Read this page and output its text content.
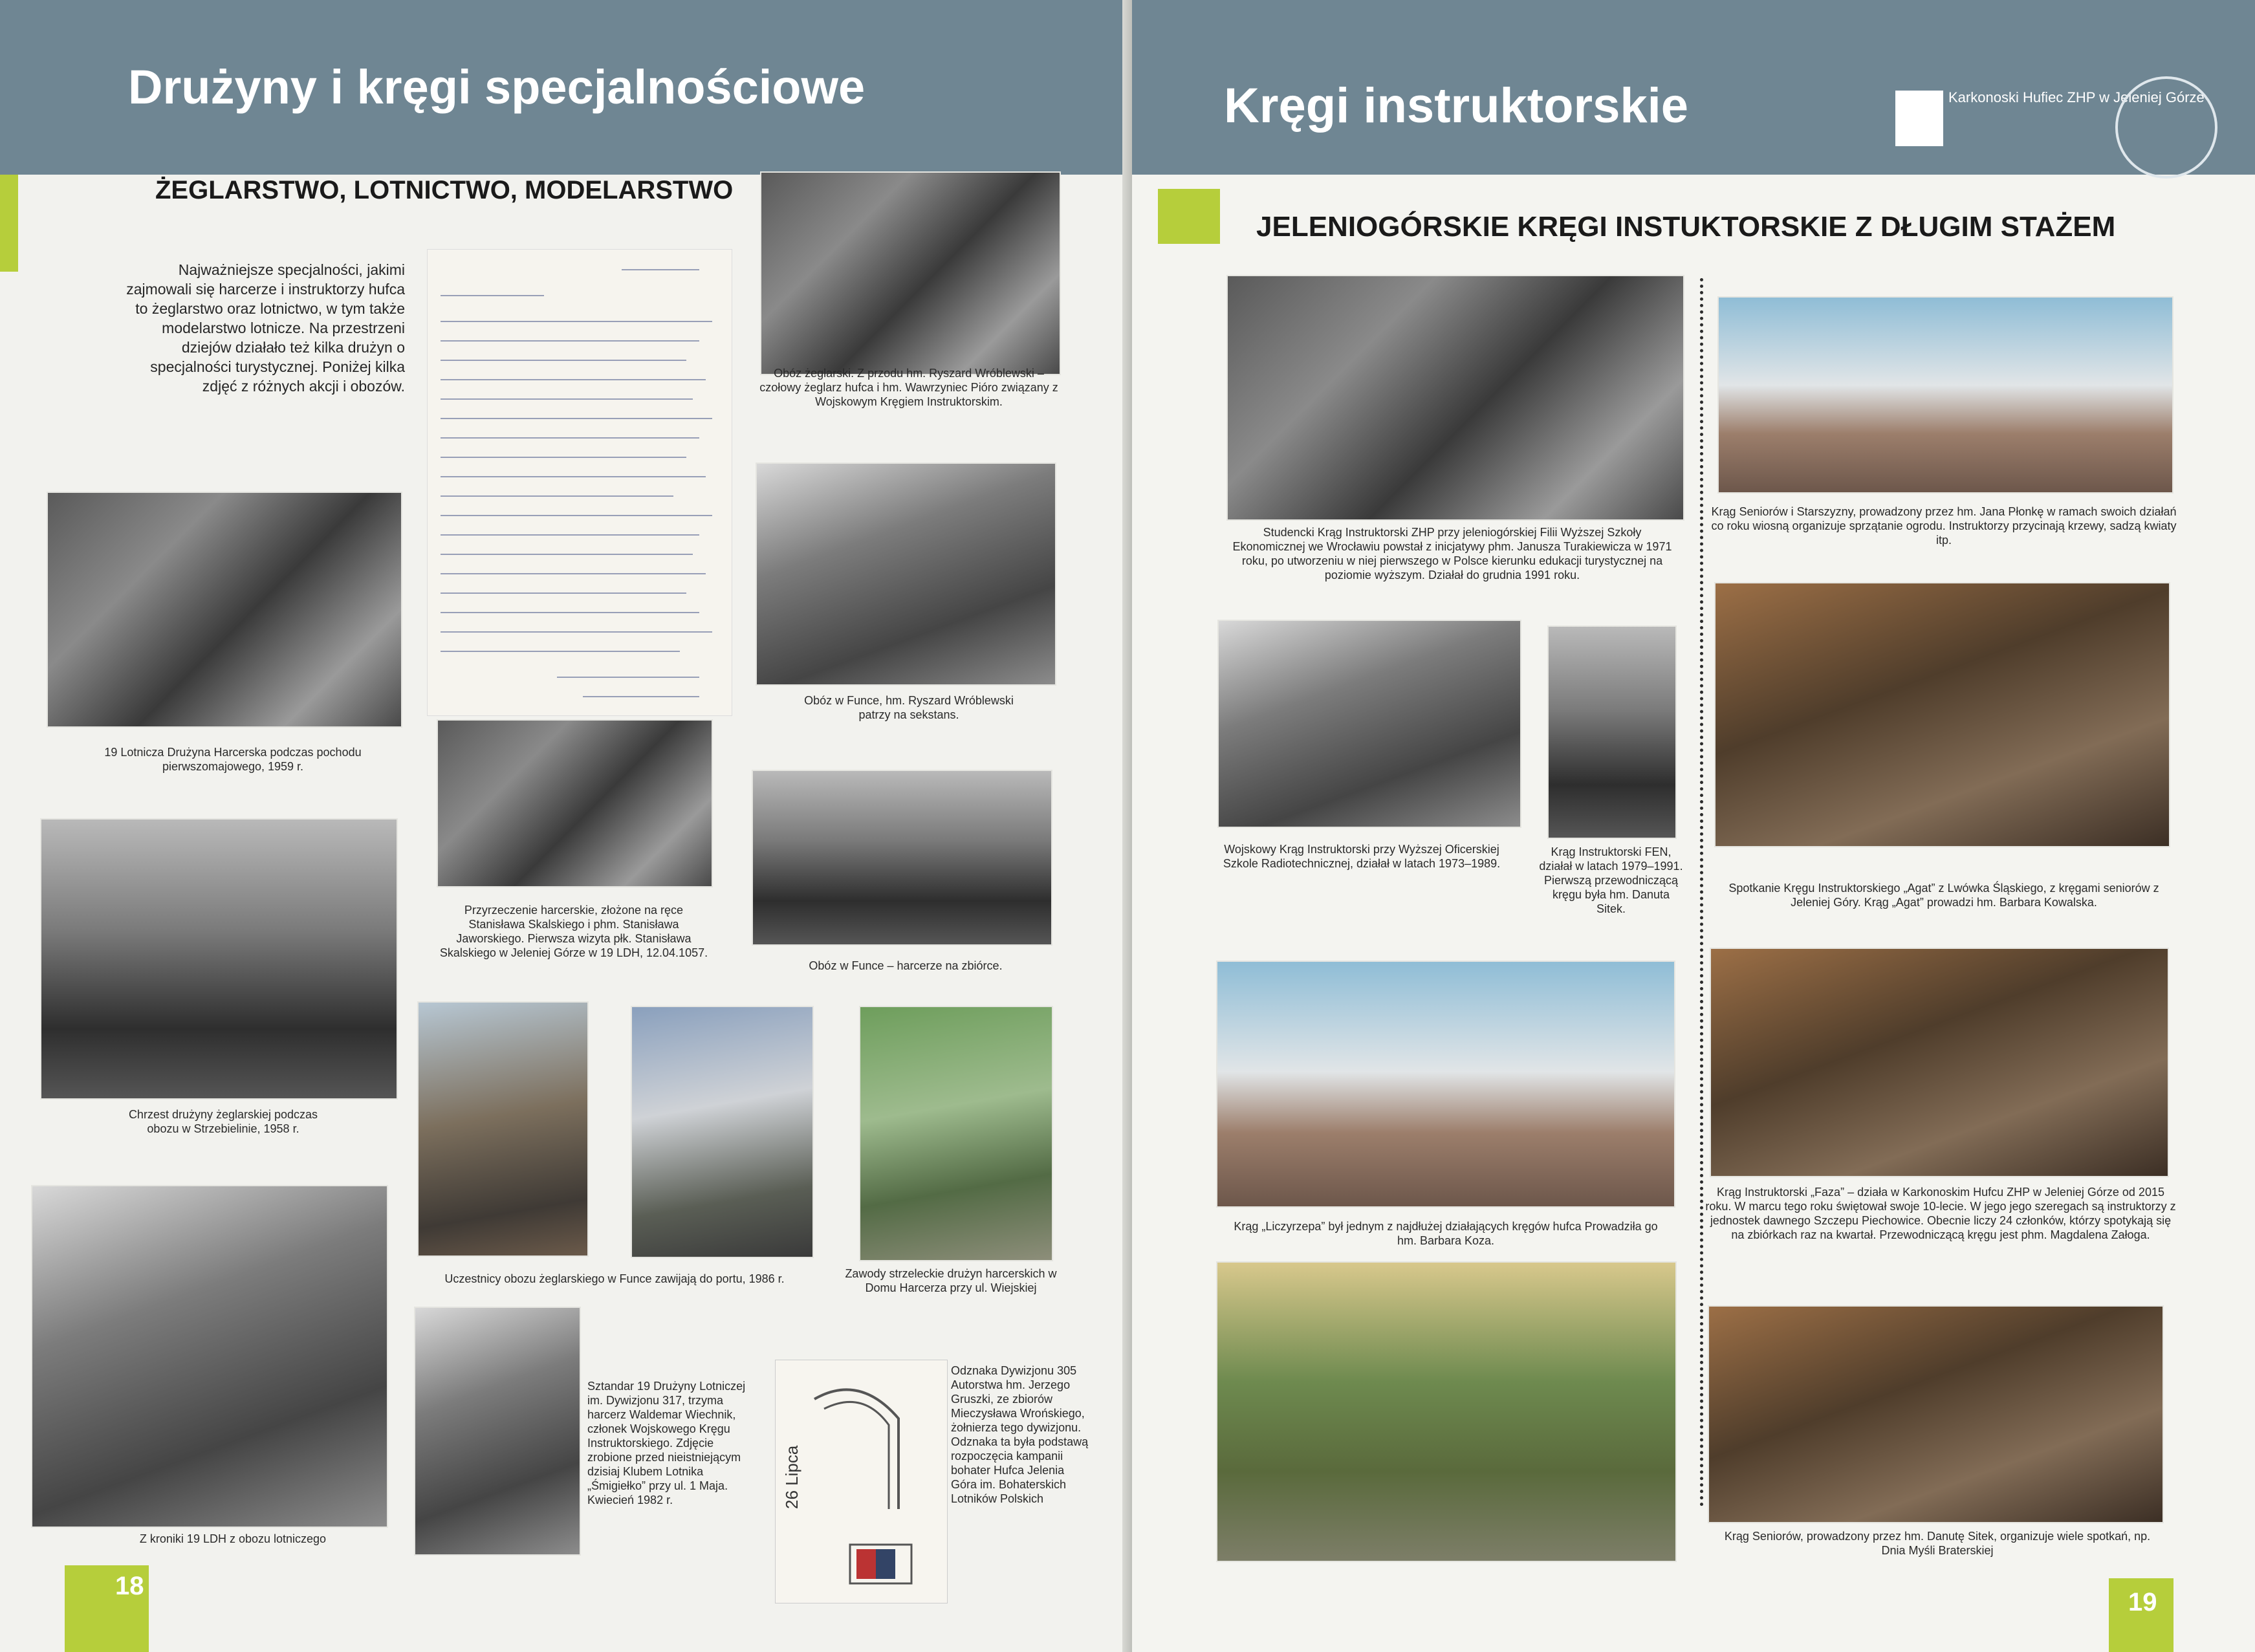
Drużyny i kręgi specjalnościowe
ŻEGLARSTWO, LOTNICTWO, MODELARSTWO
Najważniejsze specjalności, jakimi zajmowali się harcerze i instruktorzy hufca to żeglarstwo oraz lotnictwo, w tym także modelarstwo lotnicze. Na przestrzeni dziejów działało też kilka drużyn o specjalności turystycznej. Poniżej kilka zdjęć z różnych akcji i obozów.
19 Lotnicza Drużyna Harcerska podczas pochodu pierwszomajowego, 1959 r.
Chrzest drużyny żeglarskiej podczas obozu w Strzebielinie, 1958 r.
Z kroniki 19 LDH z obozu lotniczego
Obóz żeglarski. Z przodu hm. Ryszard Wróblewski – czołowy żeglarz hufca i hm. Wawrzyniec Pióro związany z Wojskowym Kręgiem Instruktorskim.
Obóz w Funce, hm. Ryszard Wróblewski patrzy na sekstans.
Przyrzeczenie harcerskie, złożone na ręce Stanisława Skalskiego i phm. Stanisława Jaworskiego. Pierwsza wizyta płk. Stanisława Skalskiego w Jeleniej Górze w 19 LDH, 12.04.1057.
Obóz w Funce – harcerze na zbiórce.
Uczestnicy obozu żeglarskiego w Funce zawijają do portu, 1986 r.	Zawody strzeleckie drużyn harcerskich w Domu Harcerza przy ul. Wiejskiej
Sztandar 19 Drużyny Lotniczej im. Dywizjonu 317, trzyma harcerz Waldemar Wiechnik, członek Wojskowego Kręgu Instruktorskiego. Zdjęcie zrobione przed nieistniejącym dzisiaj Klubem Lotnika „Śmigiełko” przy ul. 1 Maja. Kwiecień 1982 r.	26 Lipca
Odznaka Dywizjonu 305 Autorstwa hm. Jerzego Gruszki, ze zbiorów Mieczysława Wrońskiego, żołnierza tego dywizjonu. Odznaka ta była podstawą rozpoczęcia kampanii bohater Hufca Jelenia Góra im. Bohaterskich Lotników Polskich
18
Kręgi instruktorskie	Karkonoski Hufiec ZHP w Jeleniej Górze
JELENIOGÓRSKIE KRĘGI INSTUKTORSKIE Z DŁUGIM STAŻEM
Studencki Krąg Instruktorski ZHP przy jeleniogórskiej Filii Wyższej Szkoły Ekonomicznej we Wrocławiu powstał z inicjatywy phm. Janusza Turakiewicza w 1971 roku, po utworzeniu w niej pierwszego w Polsce kierunku edukacji turystycznej na poziomie wyższym. Działał do grudnia 1991 roku.
Wojskowy Krąg Instruktorski przy Wyższej Oficerskiej Szkole Radiotechnicznej, działał w latach 1973–1989.
Krąg Instruktorski FEN, działał w latach 1979–1991. Pierwszą przewodniczącą kręgu była hm. Danuta Sitek.
Krąg „Liczyrzepa” był jednym z najdłużej działających kręgów hufca Prowadziła go hm. Barbara Koza.
Krąg Seniorów i Starszyzny, prowadzony przez hm. Jana Płonkę w ramach swoich działań co roku wiosną organizuje sprzątanie ogrodu. Instruktorzy przycinają krzewy, sadzą kwiaty itp.
Spotkanie Kręgu Instruktorskiego „Agat” z Lwówka Śląskiego, z kręgami seniorów z Jeleniej Góry. Krąg „Agat” prowadzi hm. Barbara Kowalska.
Krąg Instruktorski „Faza” – działa w Karkonoskim Hufcu ZHP w Jeleniej Górze od 2015 roku. W marcu tego roku świętował swoje 10-lecie. W jego jego szeregach są instruktorzy z jednostek dawnego Szczepu Piechowice. Obecnie liczy 24 członków, którzy spotykają się na zbiórkach raz na kwartał. Przewodniczącą kręgu jest phm. Magdalena Załoga.
Krąg Seniorów, prowadzony przez hm. Danutę Sitek, organizuje wiele spotkań, np. Dnia Myśli Braterskiej
19
